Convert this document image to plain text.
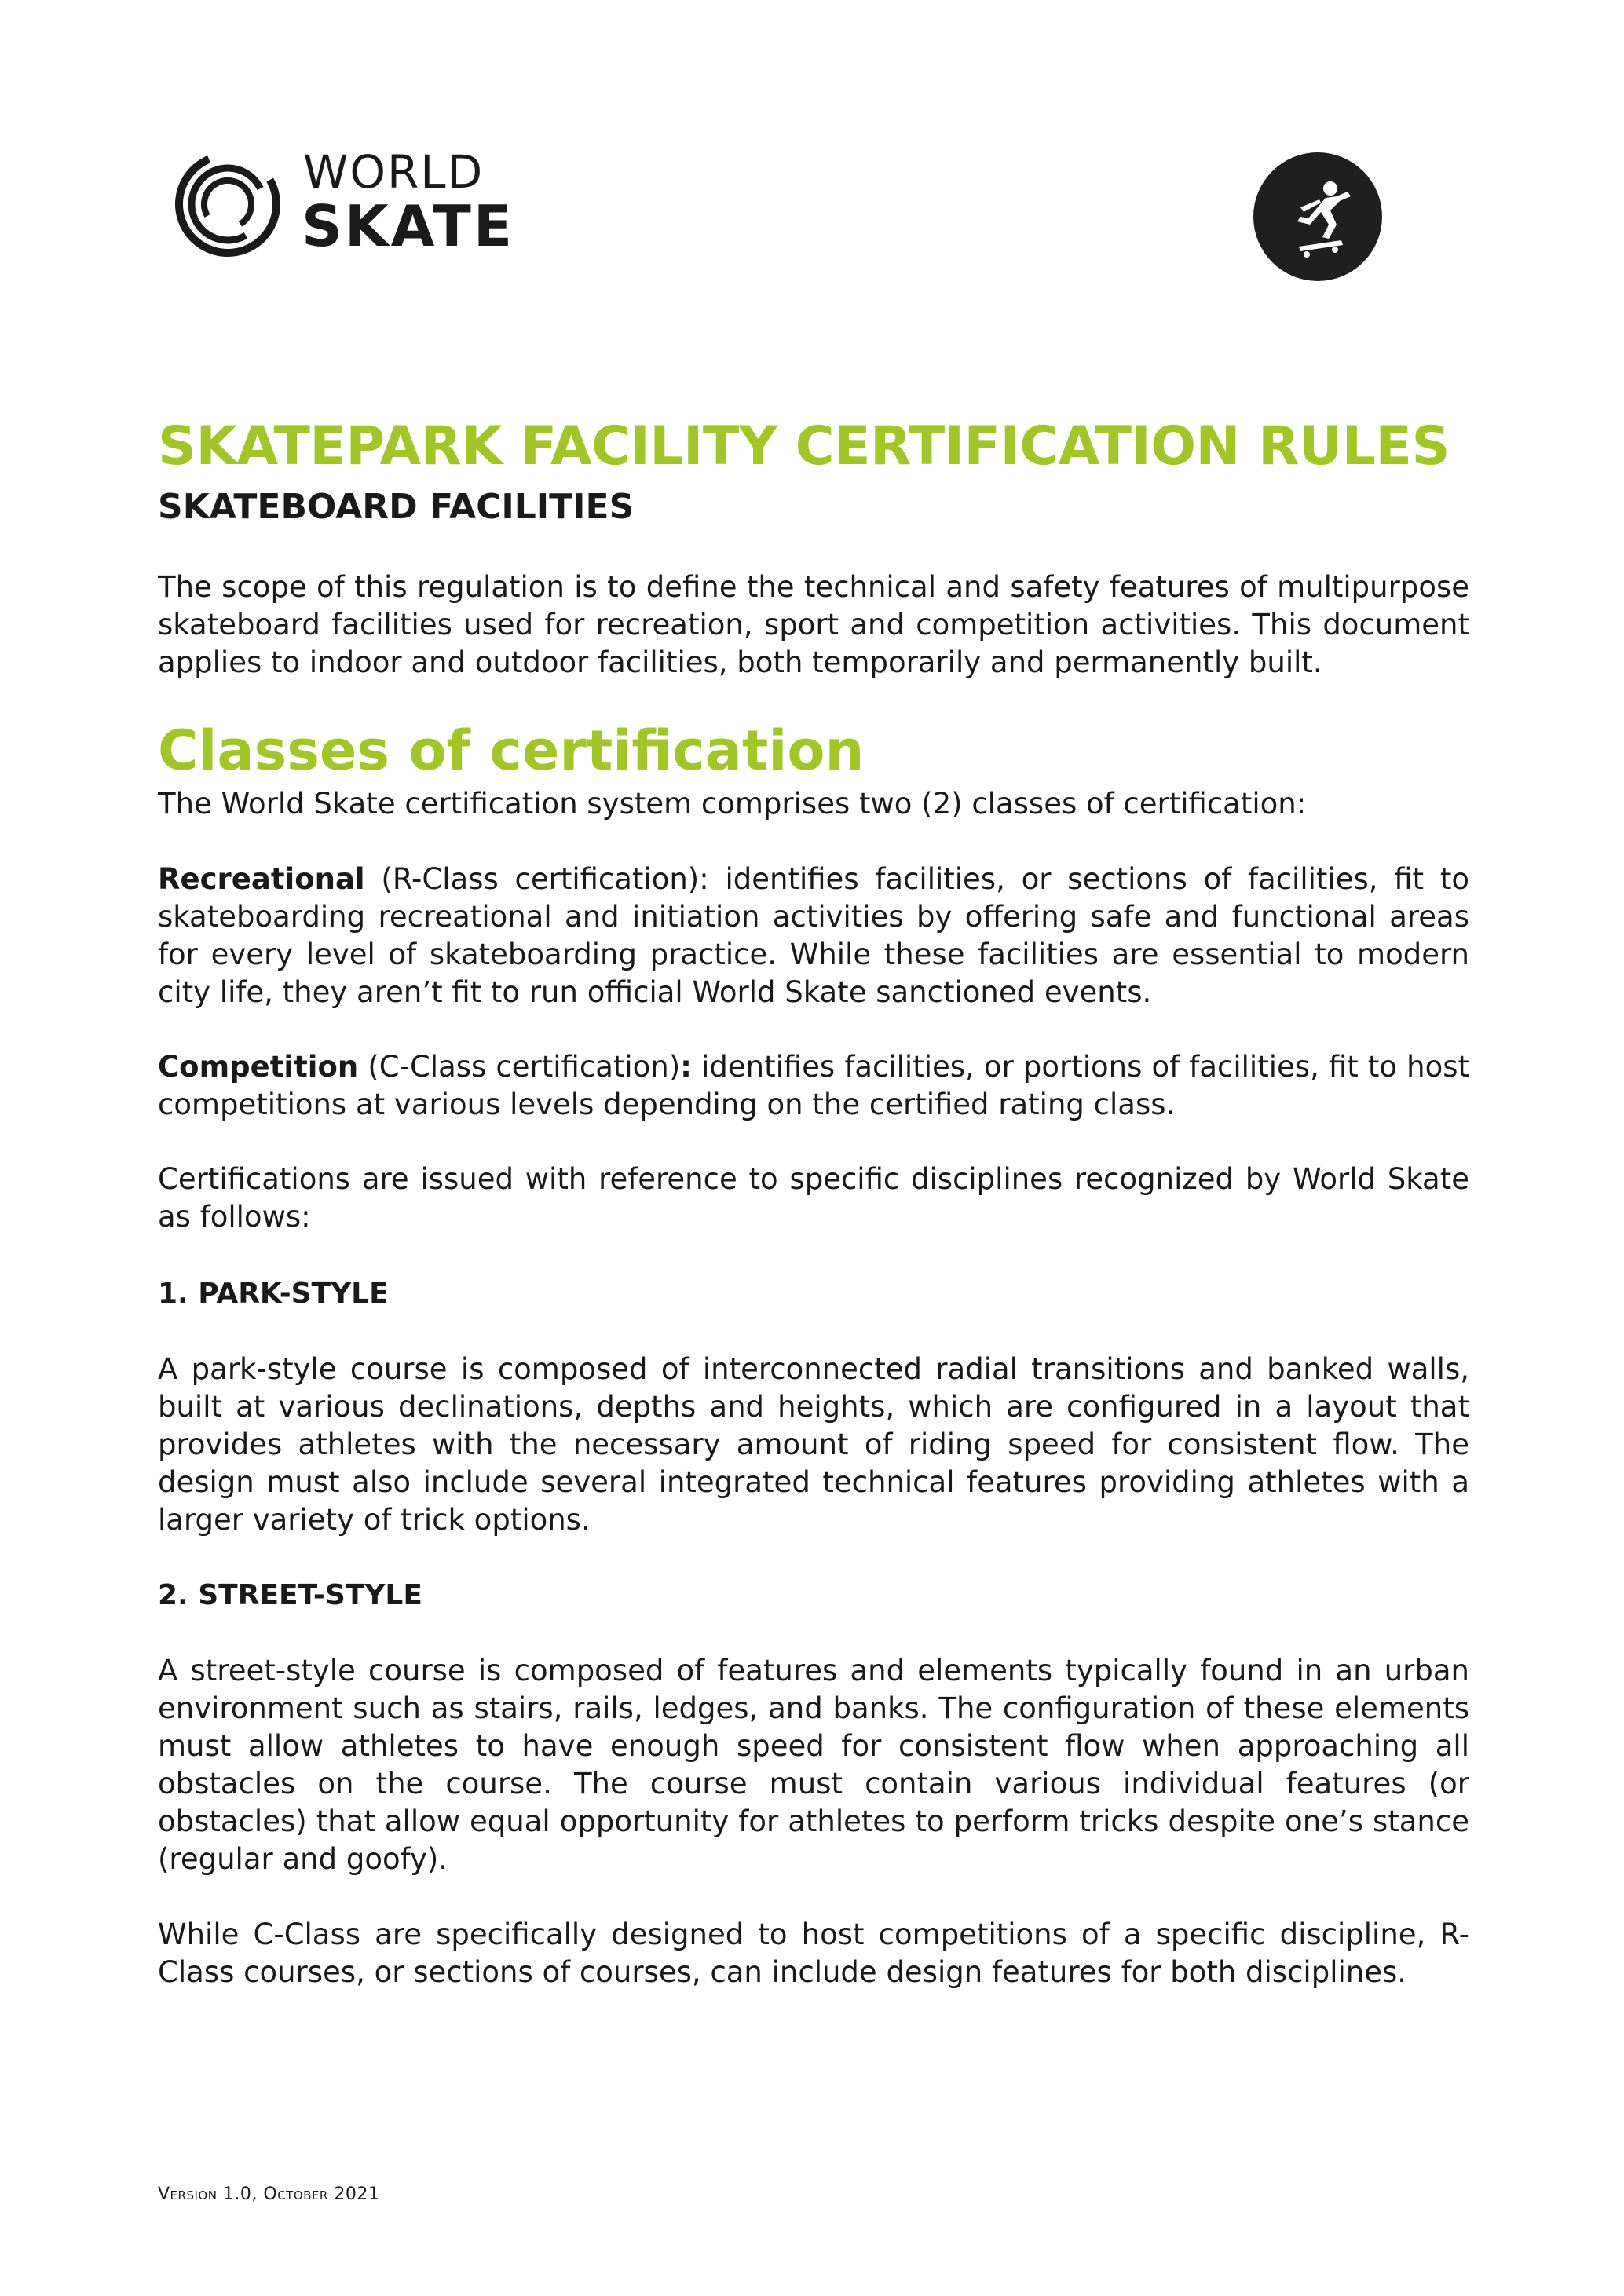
WORLD
SKATE
SKATEPARK FACILITY CERTIFICATION RULES
SKATEBOARD FACILITIES

The scope of this regulation is to define the technical and safety features of multipurpose skateboard facilities used for recreation, sport and competition activities. This document applies to indoor and outdoor facilities, both temporarily and permanently built.

Classes of certification

The World Skate certification system comprises two (2) classes of certification:

Recreational (R-Class certification): identifies facilities, or sections of facilities, fit to skateboarding recreational and initiation activities by offering safe and functional areas for every level of skateboarding practice. While these facilities are essential to modern city life, they aren’t fit to run official World Skate sanctioned events.

Competition (C-Class certification): identifies facilities, or portions of facilities, fit to host competitions at various levels depending on the certified rating class.

Certifications are issued with reference to specific disciplines recognized by World Skate as follows:

1. PARK-STYLE

A park-style course is composed of interconnected radial transitions and banked walls, built at various declinations, depths and heights, which are configured in a layout that provides athletes with the necessary amount of riding speed for consistent flow. The design must also include several integrated technical features providing athletes with a larger variety of trick options.

2. STREET-STYLE

A street-style course is composed of features and elements typically found in an urban environment such as stairs, rails, ledges, and banks. The configuration of these elements must allow athletes to have enough speed for consistent flow when approaching all obstacles on the course. The course must contain various individual features (or obstacles) that allow equal opportunity for athletes to perform tricks despite one’s stance (regular and goofy).

While C-Class are specifically designed to host competitions of a specific discipline, R-Class courses, or sections of courses, can include design features for both disciplines.

Version 1.0, October 2021
